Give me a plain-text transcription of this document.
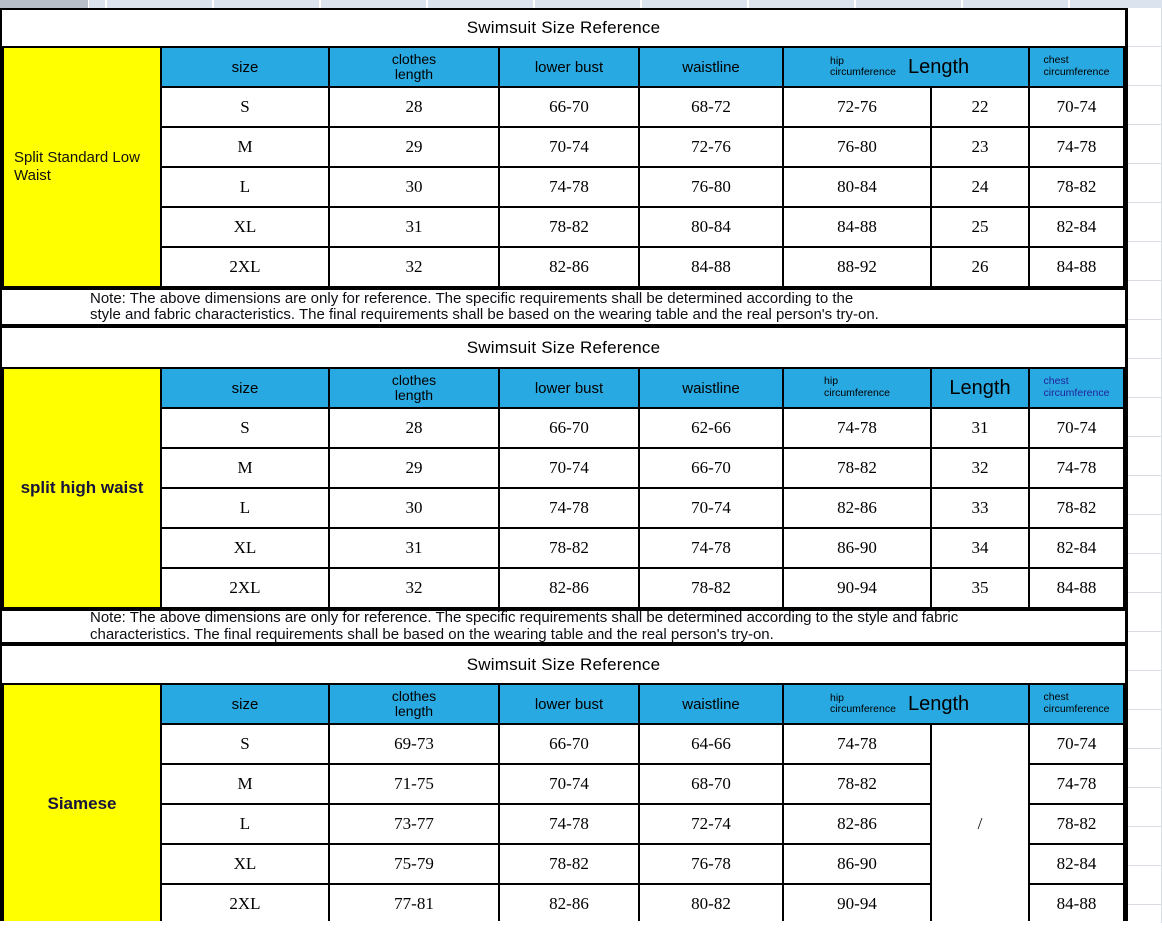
Swimsuit Size Reference
Split Standard Low Waist	size	clothes
length	lower bust	waistline	hip
circumference Length		chest
circumference

	S	28	66-70	68-72	72-76	22	70-74
	M	29	70-74	72-76	76-80	23	74-78
	L	30	74-78	76-80	80-84	24	78-82
	XL	31	78-82	80-84	84-88	25	82-84
	2XL	32	82-86	84-88	88-92	26	84-88
Note: The above dimensions are only for reference. The specific requirements shall be determined according to the
style and fabric characteristics. The final requirements shall be based on the wearing table and the real person's try-on.
Swimsuit Size Reference
split high waist	size	clothes
length	lower bust	waistline	hip
circumference	Length	chest
circumference

	S	28	66-70	62-66	74-78	31	70-74
	M	29	70-74	66-70	78-82	32	74-78
	L	30	74-78	70-74	82-86	33	78-82
	XL	31	78-82	74-78	86-90	34	82-84
	2XL	32	82-86	78-82	90-94	35	84-88
Note: The above dimensions are only for reference. The specific requirements shall be determined according to the style and fabric
characteristics. The final requirements shall be based on the wearing table and the real person's try-on.
Swimsuit Size Reference
Siamese	size	clothes
length	lower bust	waistline	hip
circumference Length		chest
circumference

	S	69-73	66-70	64-66	74-78	/	70-74
	M	71-75	70-74	68-70	78-82		74-78
	L	73-77	74-78	72-74	82-86		78-82
	XL	75-79	78-82	76-78	86-90		82-84
	2XL	77-81	82-86	80-82	90-94		84-88
